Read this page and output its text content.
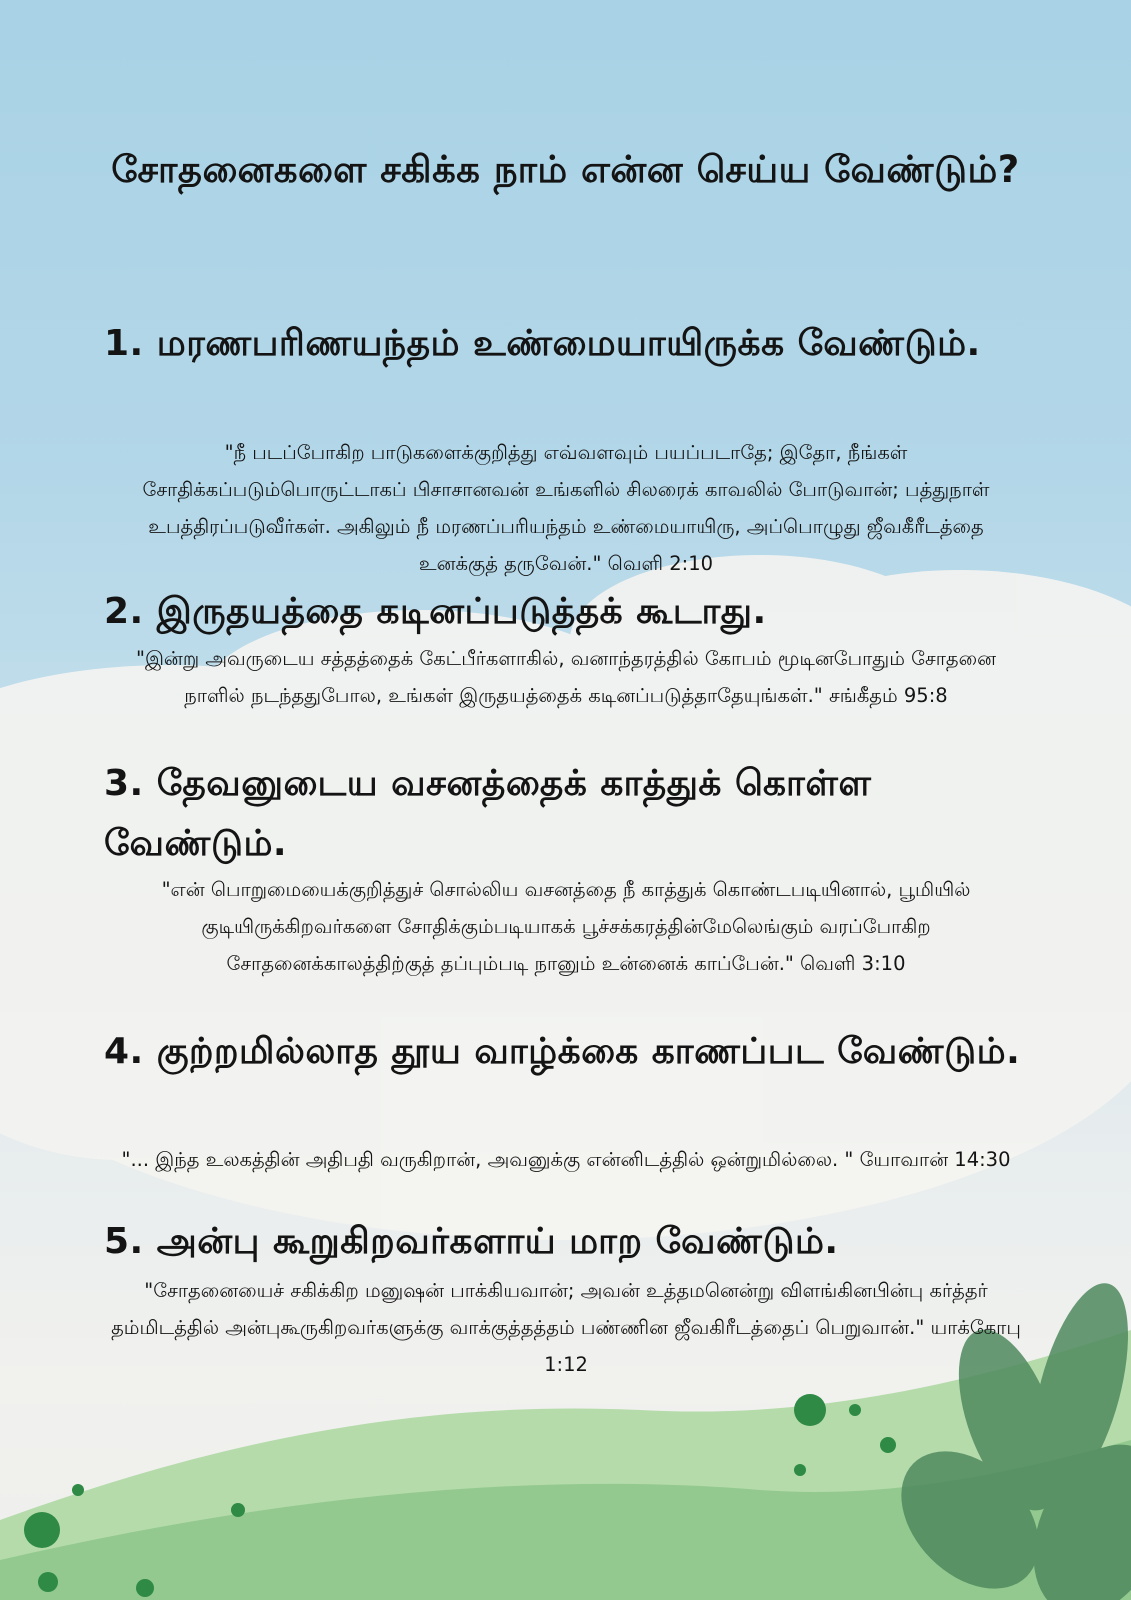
சோதனைகளை சகிக்க நாம் என்ன செய்ய வேண்டும்?
1. மரணபரிணயந்தம் உண்மையாயிருக்க வேண்டும்.

"நீ படப்போகிற பாடுகளைக்குறித்து எவ்வளவும் பயப்படாதே; இதோ, நீங்கள் சோதிக்கப்படும்பொருட்டாகப் பிசாசானவன் உங்களில் சிலரைக் காவலில் போடுவான்; பத்துநாள் உபத்திரப்படுவீர்கள். அகிலும் நீ மரணப்பரியந்தம் உண்மையாயிரு, அப்பொழுது ஜீவகீரீடத்தை உனக்குத் தருவேன்." வெளி 2:10

2. இருதயத்தை கடினப்படுத்தக் கூடாது.

"இன்று அவருடைய சத்தத்தைக் கேட்பீர்களாகில், வனாந்தரத்தில் கோபம் மூடினபோதும் சோதனை நாளில் நடந்ததுபோல, உங்கள் இருதயத்தைக் கடினப்படுத்தாதேயுங்கள்." சங்கீதம் 95:8

3. தேவனுடைய வசனத்தைக் காத்துக் கொள்ள வேண்டும்.

"என் பொறுமையைக்குறித்துச் சொல்லிய வசனத்தை நீ காத்துக் கொண்டபடியினால், பூமியில் குடியிருக்கிறவர்களை சோதிக்கும்படியாகக் பூச்சக்கரத்தின்மேலெங்கும் வரப்போகிற சோதனைக்காலத்திற்குத் தப்பும்படி நானும் உன்னைக் காப்பேன்." வெளி 3:10

4. குற்றமில்லாத தூய வாழ்க்கை காணப்பட வேண்டும்.

"... இந்த உலகத்தின் அதிபதி வருகிறான், அவனுக்கு என்னிடத்தில் ஒன்றுமில்லை. " யோவான் 14:30

5. அன்பு கூறுகிறவர்களாய் மாற வேண்டும்.

"சோதனையைச் சகிக்கிற மனுஷன் பாக்கியவான்; அவன் உத்தமனென்று விளங்கினபின்பு கர்த்தர் தம்மிடத்தில் அன்புகூருகிறவர்களுக்கு வாக்குத்தத்தம் பண்ணின ஜீவகிரீடத்தைப் பெறுவான்." யாக்கோபு 1:12
